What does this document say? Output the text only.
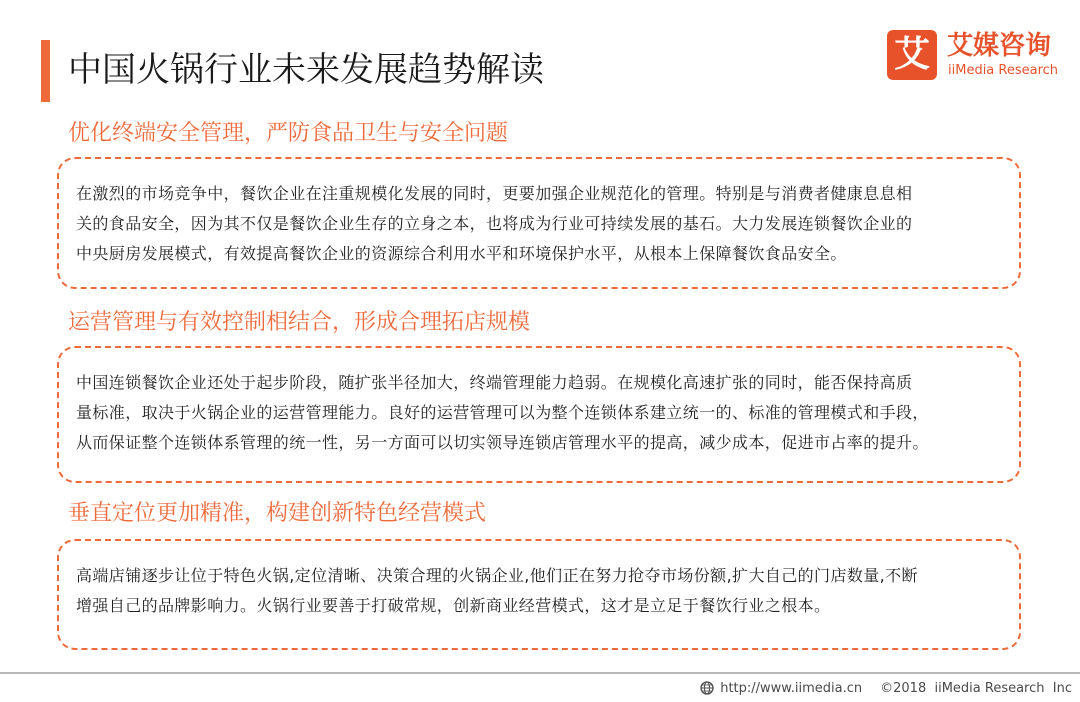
中国火锅行业未来发展趋势解读	艾 艾媒咨询
iiMedia Research
优化终端安全管理，严防食品卫生与安全问题
在激烈的市场竞争中，餐饮企业在注重规模化发展的同时，更要加强企业规范化的管理。特别是与消费者健康息息相
关的食品安全，因为其不仅是餐饮企业生存的立身之本，也将成为行业可持续发展的基石。大力发展连锁餐饮企业的
中央厨房发展模式，有效提高餐饮企业的资源综合利用水平和环境保护水平，从根本上保障餐饮食品安全。
运营管理与有效控制相结合，形成合理拓店规模
中国连锁餐饮企业还处于起步阶段，随扩张半径加大，终端管理能力趋弱。在规模化高速扩张的同时，能否保持高质
量标准，取决于火锅企业的运营管理能力。良好的运营管理可以为整个连锁体系建立统一的、标准的管理模式和手段，
从而保证整个连锁体系管理的统一性，另一方面可以切实领导连锁店管理水平的提高，减少成本，促进市占率的提升。
垂直定位更加精准，构建创新特色经营模式
高端店铺逐步让位于特色火锅,定位清晰、决策合理的火锅企业,他们正在努力抢夺市场份额,扩大自己的门店数量,不断
增强自己的品牌影响力。火锅行业要善于打破常规，创新商业经营模式，这才是立足于餐饮行业之根本。
http://www.iimedia.cn ©2018  iiMedia Research  Inc
